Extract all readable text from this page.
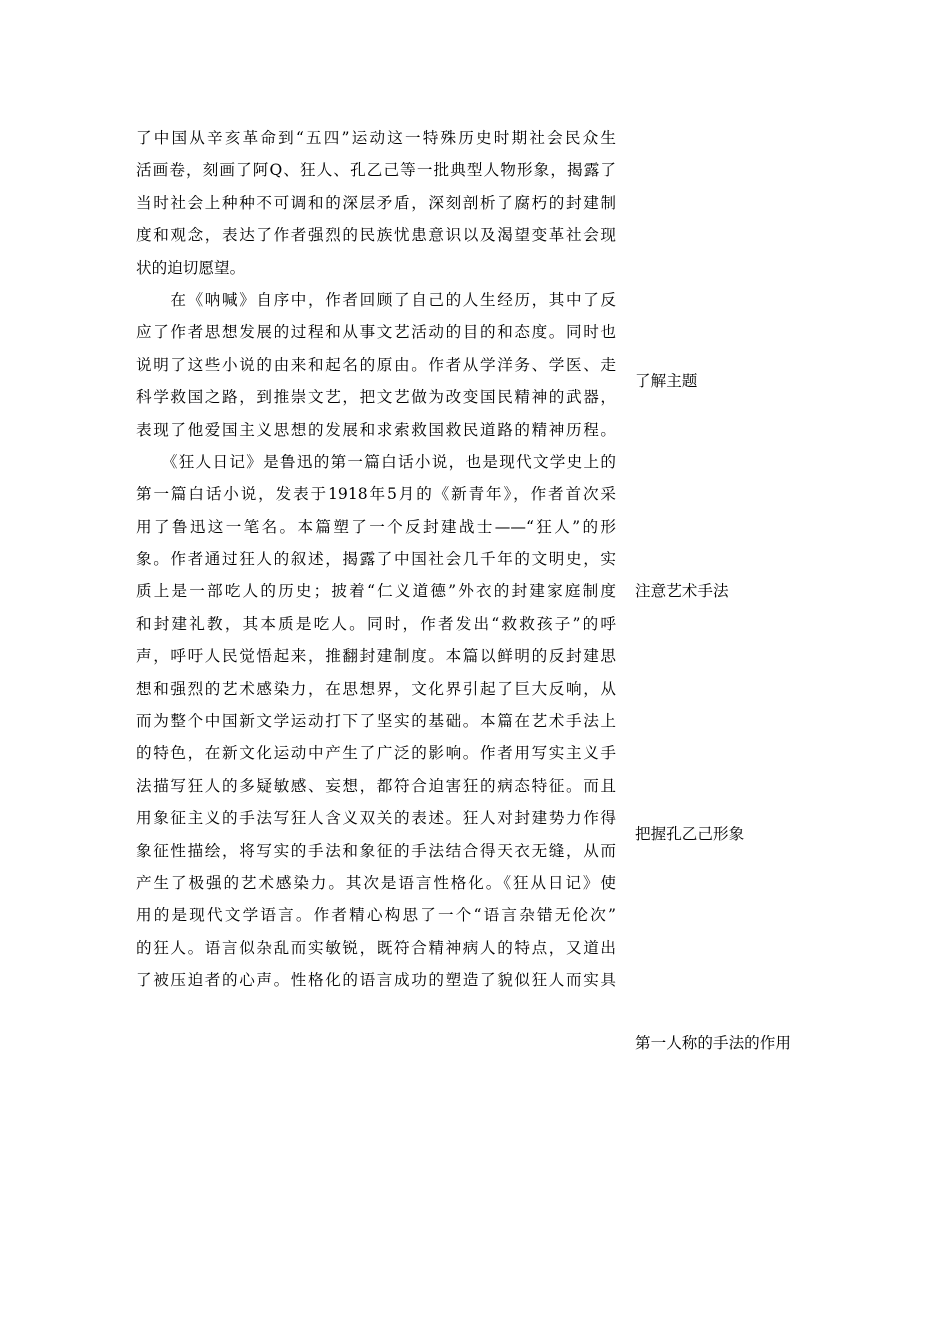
了中国从辛亥革命到“五四”运动这一特殊历史时期社会民众生
活画卷，刻画了阿Q、狂人、孔乙己等一批典型人物形象，揭露了
当时社会上种种不可调和的深层矛盾，深刻剖析了腐朽的封建制
度和观念，表达了作者强烈的民族忧患意识以及渴望变革社会现
状的迫切愿望。
　　在《呐喊》自序中，作者回顾了自己的人生经历，其中了反
应了作者思想发展的过程和从事文艺活动的目的和态度。同时也
说明了这些小说的由来和起名的原由。作者从学洋务、学医、走
科学救国之路，到推崇文艺，把文艺做为改变国民精神的武器，
表现了他爱国主义思想的发展和求索救国救民道路的精神历程。
　　《狂人日记》是鲁迅的第一篇白话小说，也是现代文学史上的
第一篇白话小说，发表于1918年5月的《新青年》，作者首次采
用了鲁迅这一笔名。本篇塑了一个反封建战士——“狂人”的形
象。作者通过狂人的叙述，揭露了中国社会几千年的文明史，实
质上是一部吃人的历史；披着“仁义道德”外衣的封建家庭制度
和封建礼教，其本质是吃人。同时，作者发出“救救孩子”的呼
声，呼吁人民觉悟起来，推翻封建制度。本篇以鲜明的反封建思
想和强烈的艺术感染力，在思想界，文化界引起了巨大反响，从
而为整个中国新文学运动打下了坚实的基础。本篇在艺术手法上
的特色，在新文化运动中产生了广泛的影响。作者用写实主义手
法描写狂人的多疑敏感、妄想，都符合迫害狂的病态特征。而且
用象征主义的手法写狂人含义双关的表述。狂人对封建势力作得
象征性描绘，将写实的手法和象征的手法结合得天衣无缝，从而
产生了极强的艺术感染力。其次是语言性格化。《狂从日记》使
用的是现代文学语言。作者精心构思了一个“语言杂错无伦次”
的狂人。语言似杂乱而实敏锐，既符合精神病人的特点，又道出
了被压迫者的心声。性格化的语言成功的塑造了貌似狂人而实具
了解主题
注意艺术手法
把握孔乙己形象
第一人称的手法的作用
